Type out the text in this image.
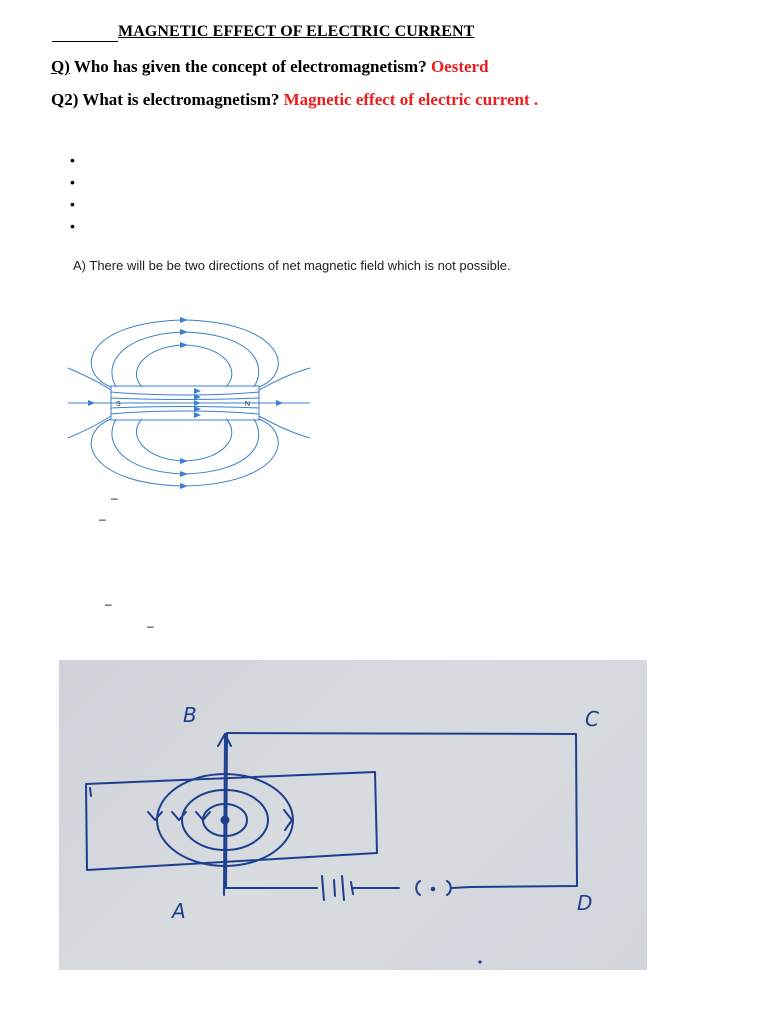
MAGNETIC EFFECT OF ELECTRIC CURRENT
Q) Who has given the concept of electromagnetism? Oesterd
Q2) What is electromagnetism? Magnetic effect of electric current .
•
•
•
•
A) There will be be two directions of net magnetic field which is not possible.
S	N
–
–
–
–
B	C
A	D
